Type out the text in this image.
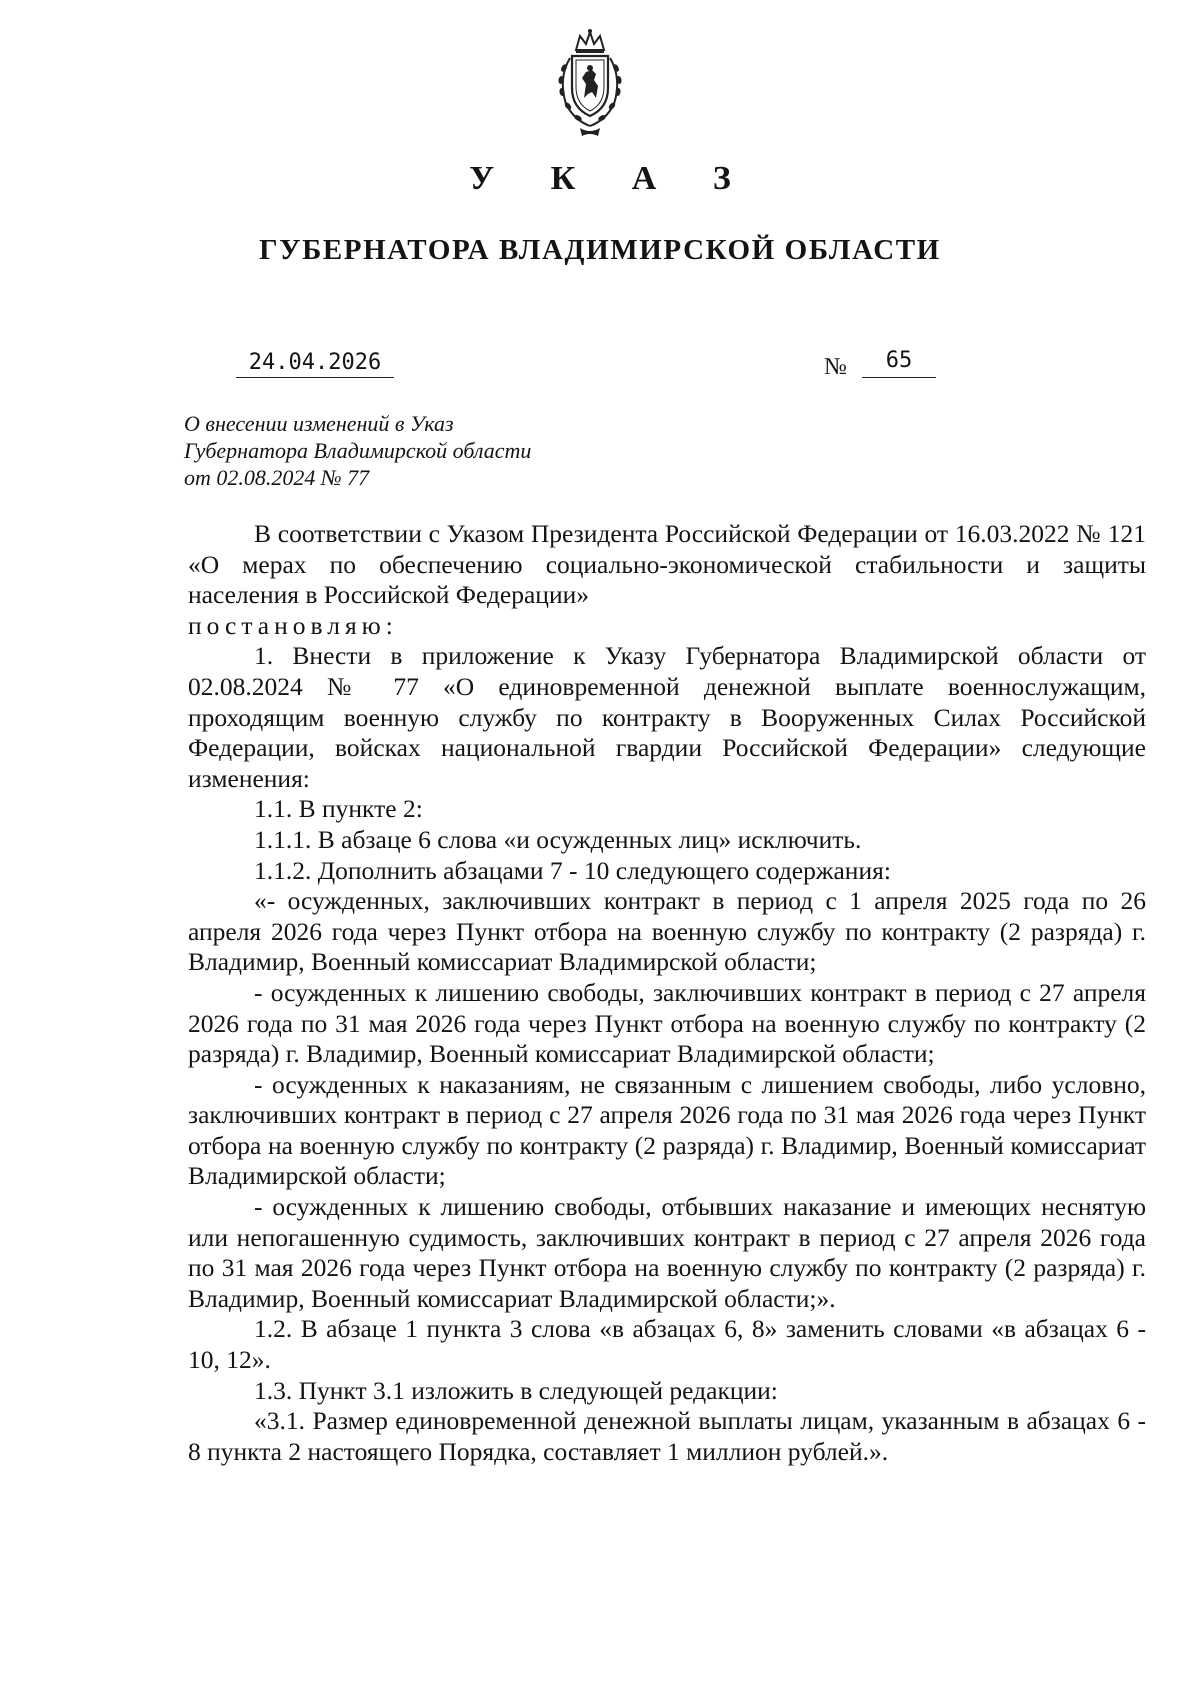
У К А З
ГУБЕРНАТОРА ВЛАДИМИРСКОЙ ОБЛАСТИ
24.04.2026	№	65
О внесении изменений в Указ
Губернатора Владимирской области
от 02.08.2024 № 77

В соответствии с Указом Президента Российской Федерации от 16.03.2022 № 121 «О мерах по обеспечению социально-экономической стабильности и защиты населения в Российской Федерации»

постановляю:

1. Внести в приложение к Указу Губернатора Владимирской области от 02.08.2024 № 77 «О единовременной денежной выплате военнослужащим, проходящим военную службу по контракту в Вооруженных Силах Российской Федерации, войсках национальной гвардии Российской Федерации» следующие изменения:

1.1. В пункте 2:

1.1.1. В абзаце 6 слова «и осужденных лиц» исключить.

1.1.2. Дополнить абзацами 7 - 10 следующего содержания:

«- осужденных, заключивших контракт в период с 1 апреля 2025 года по 26 апреля 2026 года через Пункт отбора на военную службу по контракту (2 разряда) г. Владимир, Военный комиссариат Владимирской области;

- осужденных к лишению свободы, заключивших контракт в период с 27 апреля 2026 года по 31 мая 2026 года через Пункт отбора на военную службу по контракту (2 разряда) г. Владимир, Военный комиссариат Владимирской области;

- осужденных к наказаниям, не связанным с лишением свободы, либо условно, заключивших контракт в период с 27 апреля 2026 года по 31 мая 2026 года через Пункт отбора на военную службу по контракту (2 разряда) г. Владимир, Военный комиссариат Владимирской области;

- осужденных к лишению свободы, отбывших наказание и имеющих неснятую или непогашенную судимость, заключивших контракт в период с 27 апреля 2026 года по 31 мая 2026 года через Пункт отбора на военную службу по контракту (2 разряда) г. Владимир, Военный комиссариат Владимирской области;».

1.2. В абзаце 1 пункта 3 слова «в абзацах 6, 8» заменить словами «в абзацах 6 - 10, 12».

1.3. Пункт 3.1 изложить в следующей редакции:

«3.1. Размер единовременной денежной выплаты лицам, указанным в абзацах 6 - 8 пункта 2 настоящего Порядка, составляет 1 миллион рублей.».
